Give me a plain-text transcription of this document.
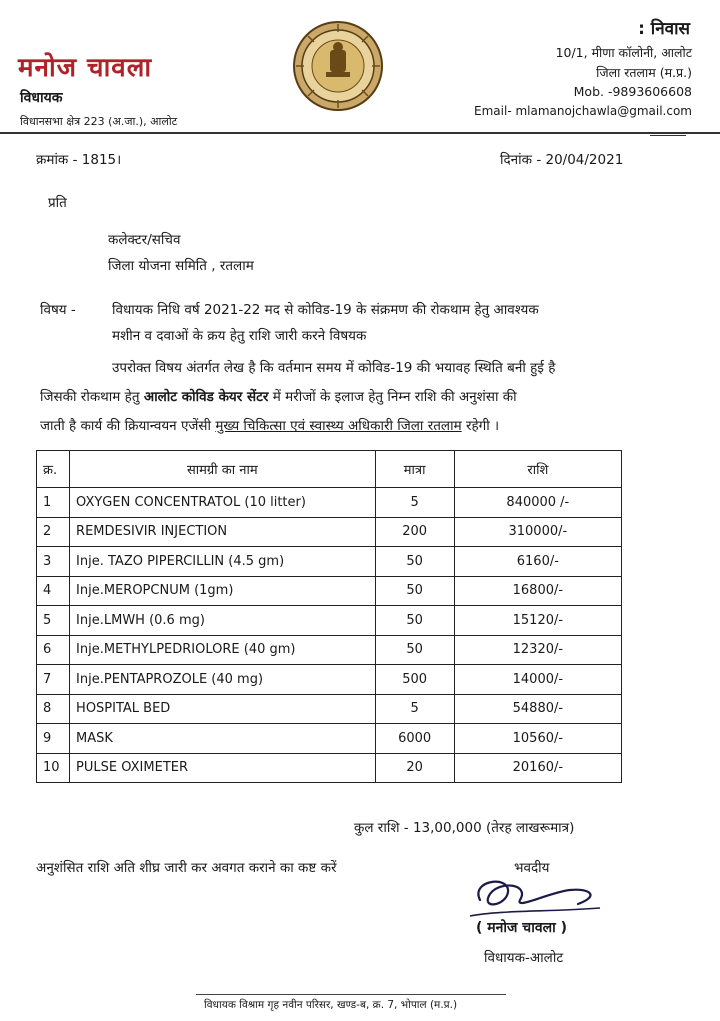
मनोज चावला
विधायक
विधानसभा क्षेत्र 223 (अ.जा.), आलोट
: निवास
10/1, मीणा कॉलोनी, आलोट
जिला रतलाम (म.प्र.)
Mob. -9893606608
Email- mlamanojchawla@gmail.com
क्रमांक - 1815।	दिनांक - 20/04/2021
प्रति
कलेक्टर/सचिव
जिला योजना समिति , रतलाम
विषय -	विधायक निधि वर्ष 2021-22 मद से कोविड-19 के संक्रमण की रोकथाम हेतु आवश्यक
मशीन व दवाओं के क्रय हेतु राशि जारी करने विषयक
उपरोक्त विषय अंतर्गत लेख है कि वर्तमान समय में कोविड-19 की भयावह स्थिति बनी हुई है
जिसकी रोकथाम हेतु आलोट कोविड केयर सेंटर में मरीजों के इलाज हेतु निम्न राशि की अनुशंसा की
जाती है कार्य की क्रियान्वयन एजेंसी मुख्य चिकित्सा एवं स्वास्थ्य अधिकारी जिला रतलाम रहेगी ।
क्र.	सामग्री का नाम	मात्रा	राशि
1	OXYGEN CONCENTRATOL (10 litter)	5	840000 /-
2	REMDESIVIR INJECTION	200	310000/-
3	Inje. TAZO PIPERCILLIN (4.5 gm)	50	6160/-
4	Inje.MEROPCNUM (1gm)	50	16800/-
5	Inje.LMWH (0.6 mg)	50	15120/-
6	Inje.METHYLPEDRIOLORE (40 gm)	50	12320/-
7	Inje.PENTAPROZOLE (40 mg)	500	14000/-
8	HOSPITAL BED	5	54880/-
9	MASK	6000	10560/-
10	PULSE OXIMETER	20	20160/-
कुल राशि - 13,00,000 (तेरह लाखरूमात्र)
अनुशंसित राशि अति शीघ्र जारी कर अवगत कराने का कष्ट करें	भवदीय
( मनोज चावला )
विधायक-आलोट
विधायक विश्राम गृह नवीन परिसर, खण्ड-ब, क्र. 7, भोपाल (म.प्र.)
